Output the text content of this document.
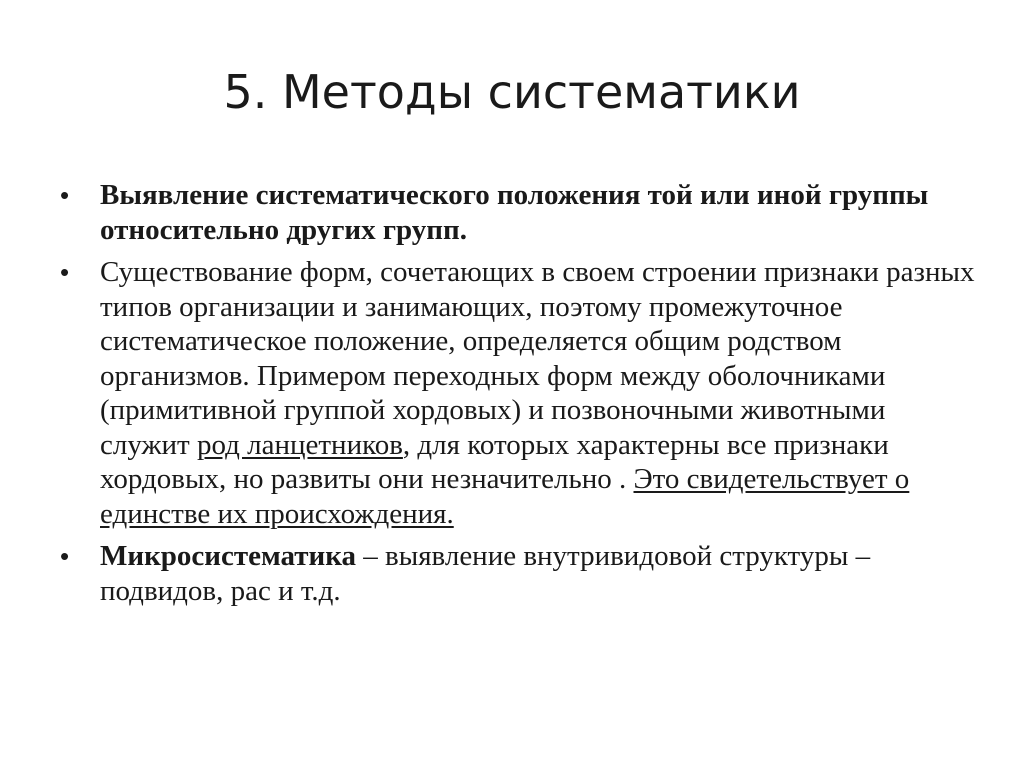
5. Методы систематики
• Выявление систематического положения той или иной группы относительно других групп.
• Существование форм, сочетающих в своем строении признаки разных типов организации и занимающих, поэтому промежуточное систематическое положение, определяется общим родством организмов. Примером переходных форм между оболочниками (примитивной группой хордовых) и позвоночными животными служит род ланцетников, для которых характерны все признаки хордовых, но развиты они незначительно . Это свидетельствует о единстве их происхождения.
• Микросистематика – выявление внутривидовой структуры – подвидов, рас и т.д.
